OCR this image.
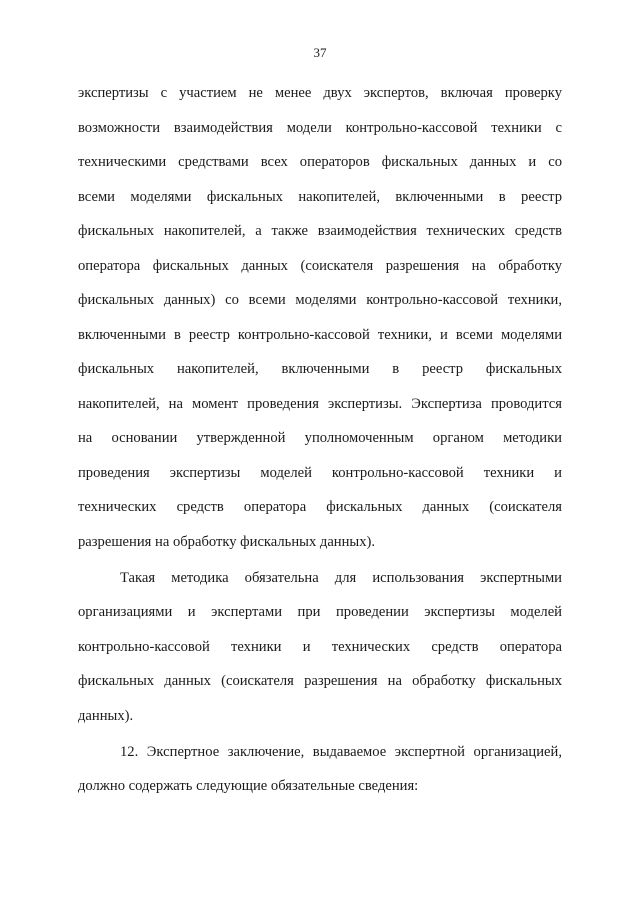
37
экспертизы с участием не менее двух экспертов, включая проверку
возможности взаимодействия модели контрольно-кассовой техники с
техническими средствами всех операторов фискальных данных и со
всеми моделями фискальных накопителей, включенными в реестр
фискальных накопителей, а также взаимодействия технических средств
оператора фискальных данных (соискателя разрешения на обработку
фискальных данных) со всеми моделями контрольно-кассовой техники,
включенными в реестр контрольно-кассовой техники, и всеми моделями
фискальных накопителей, включенными в реестр фискальных
накопителей, на момент проведения экспертизы. Экспертиза проводится
на основании утвержденной уполномоченным органом методики
проведения экспертизы моделей контрольно-кассовой техники и
технических средств оператора фискальных данных (соискателя
разрешения на обработку фискальных данных).
Такая методика обязательна для использования экспертными
организациями и экспертами при проведении экспертизы моделей
контрольно-кассовой техники и технических средств оператора
фискальных данных (соискателя разрешения на обработку фискальных
данных).
12. Экспертное заключение, выдаваемое экспертной организацией,
должно содержать следующие обязательные сведения:
